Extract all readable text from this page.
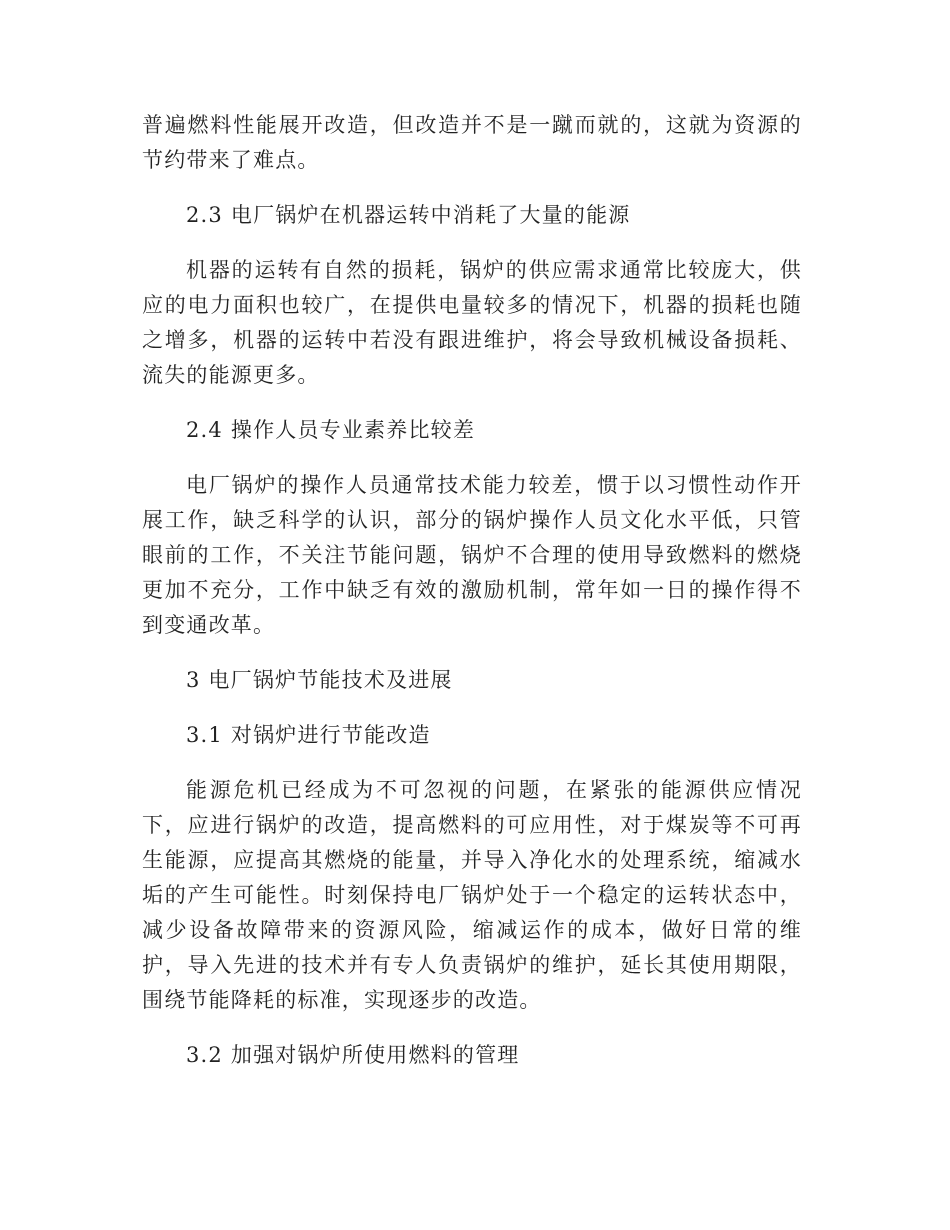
普遍燃料性能展开改造，但改造并不是一蹴而就的，这就为资源的节约带来了难点。

2.3 电厂锅炉在机器运转中消耗了大量的能源

机器的运转有自然的损耗，锅炉的供应需求通常比较庞大，供应的电力面积也较广，在提供电量较多的情况下，机器的损耗也随之增多，机器的运转中若没有跟进维护，将会导致机械设备损耗、流失的能源更多。

2.4 操作人员专业素养比较差

电厂锅炉的操作人员通常技术能力较差，惯于以习惯性动作开展工作，缺乏科学的认识，部分的锅炉操作人员文化水平低，只管眼前的工作，不关注节能问题，锅炉不合理的使用导致燃料的燃烧更加不充分，工作中缺乏有效的激励机制，常年如一日的操作得不到变通改革。

3 电厂锅炉节能技术及进展

3.1 对锅炉进行节能改造

能源危机已经成为不可忽视的问题，在紧张的能源供应情况下，应进行锅炉的改造，提高燃料的可应用性，对于煤炭等不可再生能源，应提高其燃烧的能量，并导入净化水的处理系统，缩减水垢的产生可能性。时刻保持电厂锅炉处于一个稳定的运转状态中，减少设备故障带来的资源风险，缩减运作的成本，做好日常的维护，导入先进的技术并有专人负责锅炉的维护，延长其使用期限，围绕节能降耗的标准，实现逐步的改造。

3.2 加强对锅炉所使用燃料的管理
